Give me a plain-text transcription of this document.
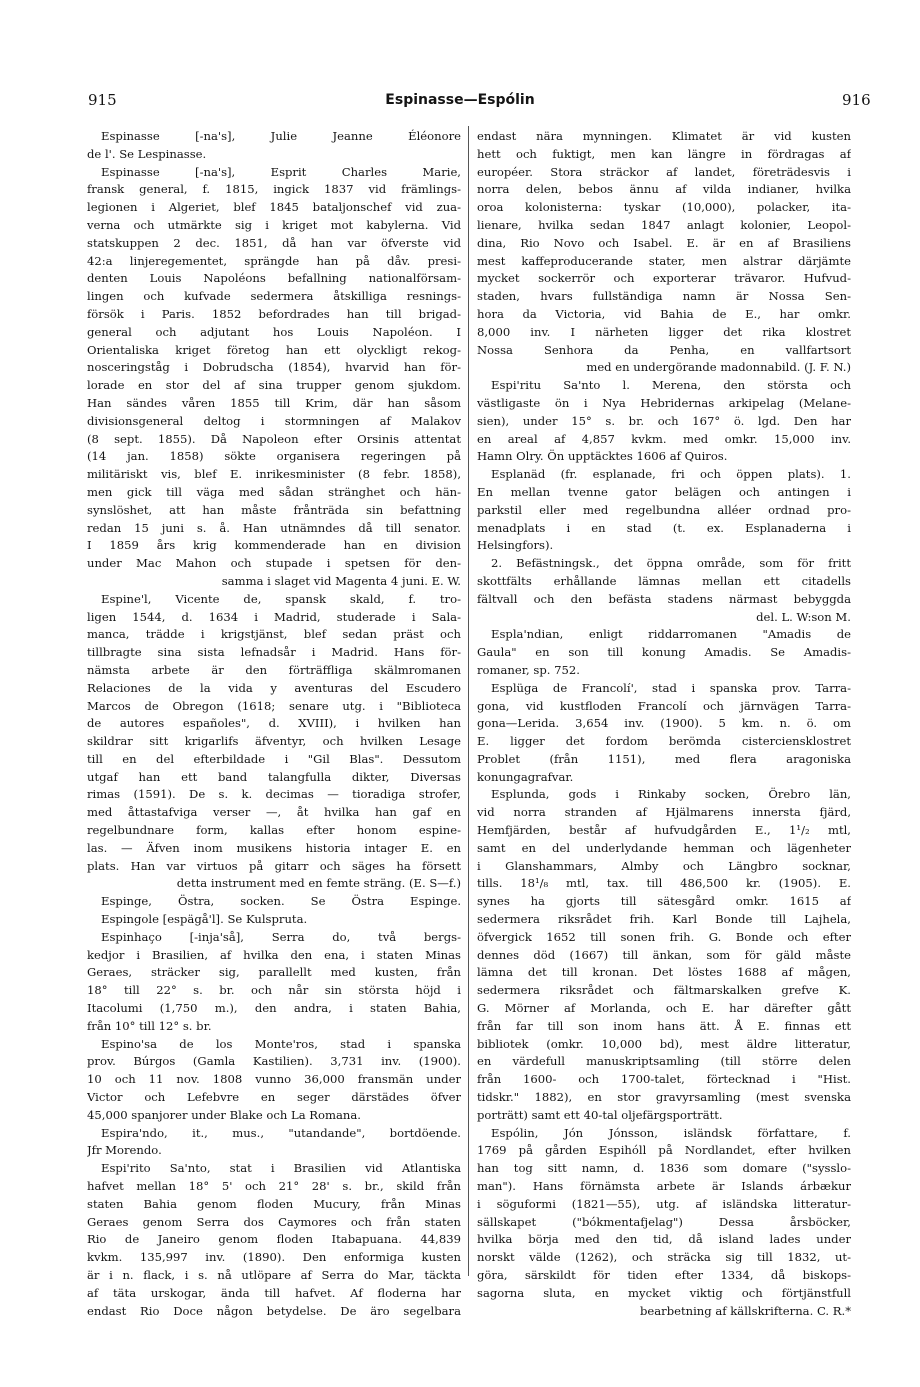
915	Espinasse—Espólin	916
Espinasse [-na's], Julie Jeanne Éléonore
de l'. Se Lespinasse.
Espinasse [-na's], Esprit Charles Marie,
fransk general, f. 1815, ingick 1837 vid främlings-
legionen i Algeriet, blef 1845 bataljonschef vid zua-
verna och utmärkte sig i kriget mot kabylerna. Vid
statskuppen 2 dec. 1851, då han var öfverste vid
42:a linjeregementet, sprängde han på dåv. presi-
denten Louis Napoléons befallning nationalförsam-
lingen och kufvade sedermera åtskilliga resnings-
försök i Paris. 1852 befordrades han till brigad-
general och adjutant hos Louis Napoléon. I
Orientaliska kriget företog han ett olyckligt rekog-
nosceringståg i Dobrudscha (1854), hvarvid han för-
lorade en stor del af sina trupper genom sjukdom.
Han sändes våren 1855 till Krim, där han såsom
divisionsgeneral deltog i stormningen af Malakov
(8 sept. 1855). Då Napoleon efter Orsinis attentat
(14 jan. 1858) sökte organisera regeringen på
militäriskt vis, blef E. inrikesminister (8 febr. 1858),
men gick till väga med sådan stränghet och hän-
synslöshet, att han måste frånträda sin befattning
redan 15 juni s. å. Han utnämndes då till senator.
I 1859 års krig kommenderade han en division
under Mac Mahon och stupade i spetsen för den-
samma i slaget vid Magenta 4 juni. E. W.
Espine'l, Vicente de, spansk skald, f. tro-
ligen 1544, d. 1634 i Madrid, studerade i Sala-
manca, trädde i krigstjänst, blef sedan präst och
tillbragte sina sista lefnadsår i Madrid. Hans för-
nämsta arbete är den förträffliga skälmromanen
Relaciones de la vida y aventuras del Escudero
Marcos de Obregon (1618; senare utg. i "Biblioteca
de autores españoles", d. XVIII), i hvilken han
skildrar sitt krigarlifs äfventyr, och hvilken Lesage
till en del efterbildade i "Gil Blas". Dessutom
utgaf han ett band talangfulla dikter, Diversas
rimas (1591). De s. k. decimas — tioradiga strofer,
med åttastafviga verser —, åt hvilka han gaf en
regelbundnare form, kallas efter honom espine-
las. — Äfven inom musikens historia intager E. en
plats. Han var virtuos på gitarr och säges ha försett
detta instrument med en femte sträng. (E. S—f.)
Espinge, Östra, socken. Se Östra Espinge.
Espingole [espägå'l]. Se Kulspruta.
Espinhaço [-inja'så], Serra do, två bergs-
kedjor i Brasilien, af hvilka den ena, i staten Minas
Geraes, sträcker sig, parallellt med kusten, från
18° till 22° s. br. och når sin största höjd i
Itacolumi (1,750 m.), den andra, i staten Bahia,
från 10° till 12° s. br.
Espino'sa de los Monte'ros, stad i spanska
prov. Búrgos (Gamla Kastilien). 3,731 inv. (1900).
10 och 11 nov. 1808 vunno 36,000 fransmän under
Victor och Lefebvre en seger därstädes öfver
45,000 spanjorer under Blake och La Romana.
Espira'ndo, it., mus., "utandande", bortdöende.
Jfr Morendo.
Espi'rito Sa'nto, stat i Brasilien vid Atlantiska
hafvet mellan 18° 5' och 21° 28' s. br., skild från
staten Bahia genom floden Mucury, från Minas
Geraes genom Serra dos Caymores och från staten
Rio de Janeiro genom floden Itabapuana. 44,839
kvkm. 135,997 inv. (1890). Den enformiga kusten
är i n. flack, i s. nå utlöpare af Serra do Mar, täckta
af täta urskogar, ända till hafvet. Af floderna har
endast Rio Doce någon betydelse. De äro segelbara
endast nära mynningen. Klimatet är vid kusten
hett och fuktigt, men kan längre in fördragas af
européer. Stora sträckor af landet, företrädesvis i
norra delen, bebos ännu af vilda indianer, hvilka
oroa kolonisterna: tyskar (10,000), polacker, ita-
lienare, hvilka sedan 1847 anlagt kolonier, Leopol-
dina, Rio Novo och Isabel. E. är en af Brasiliens
mest kaffeproducerande stater, men alstrar därjämte
mycket sockerrör och exporterar trävaror. Hufvud-
staden, hvars fullständiga namn är Nossa Sen-
hora da Victoria, vid Bahia de E., har omkr.
8,000 inv. I närheten ligger det rika klostret
Nossa Senhora da Penha, en vallfartsort
med en undergörande madonnabild. (J. F. N.)
Espi'ritu Sa'nto l. Merena, den största och
västligaste ön i Nya Hebridernas arkipelag (Melane-
sien), under 15° s. br. och 167° ö. lgd. Den har
en areal af 4,857 kvkm. med omkr. 15,000 inv.
Hamn Olry. Ön upptäcktes 1606 af Quiros.
Esplanäd (fr. esplanade, fri och öppen plats). 1.
En mellan tvenne gator belägen och antingen i
parkstil eller med regelbundna alléer ordnad pro-
menadplats i en stad (t. ex. Esplanaderna i
Helsingfors).
2. Befästningsk., det öppna område, som för fritt
skottfälts erhållande lämnas mellan ett citadells
fältvall och den befästa stadens närmast bebyggda
del. L. W:son M.
Espla'ndian, enligt riddarromanen "Amadis de
Gaula" en son till konung Amadis. Se Amadis-
romaner, sp. 752.
Esplüga de Francolí', stad i spanska prov. Tarra-
gona, vid kustfloden Francolí och järnvägen Tarra-
gona—Lerida. 3,654 inv. (1900). 5 km. n. ö. om
E. ligger det fordom berömda cisterciensklostret
Problet (från 1151), med flera aragoniska
konungagrafvar.
Esplunda, gods i Rinkaby socken, Örebro län,
vid norra stranden af Hjälmarens innersta fjärd,
Hemfjärden, består af hufvudgården E., 1¹/₂ mtl,
samt en del underlydande hemman och lägenheter
i Glanshammars, Almby och Längbro socknar,
tills. 18¹/₈ mtl, tax. till 486,500 kr. (1905). E.
synes ha gjorts till sätesgård omkr. 1615 af
sedermera riksrådet frih. Karl Bonde till Lajhela,
öfvergick 1652 till sonen frih. G. Bonde och efter
dennes död (1667) till änkan, som för gäld måste
lämna det till kronan. Det löstes 1688 af mågen,
sedermera riksrådet och fältmarskalken grefve K.
G. Mörner af Morlanda, och E. har därefter gått
från far till son inom hans ätt. Å E. finnas ett
bibliotek (omkr. 10,000 bd), mest äldre litteratur,
en värdefull manuskriptsamling (till större delen
från 1600- och 1700-talet, förtecknad i "Hist.
tidskr." 1882), en stor gravyrsamling (mest svenska
porträtt) samt ett 40-tal oljefärgsporträtt.
Espólin, Jón Jónsson, isländsk författare, f.
1769 på gården Espihóll på Nordlandet, efter hvilken
han tog sitt namn, d. 1836 som domare ("sysslo-
man"). Hans förnämsta arbete är Islands árbækur
i söguformi (1821—55), utg. af isländska litteratur-
sällskapet ("bókmentafjelag") Dessa årsböcker,
hvilka börja med den tid, då island lades under
norskt välde (1262), och sträcka sig till 1832, ut-
göra, särskildt för tiden efter 1334, då biskops-
sagorna sluta, en mycket viktig och förtjänstfull
bearbetning af källskrifterna. C. R.*
